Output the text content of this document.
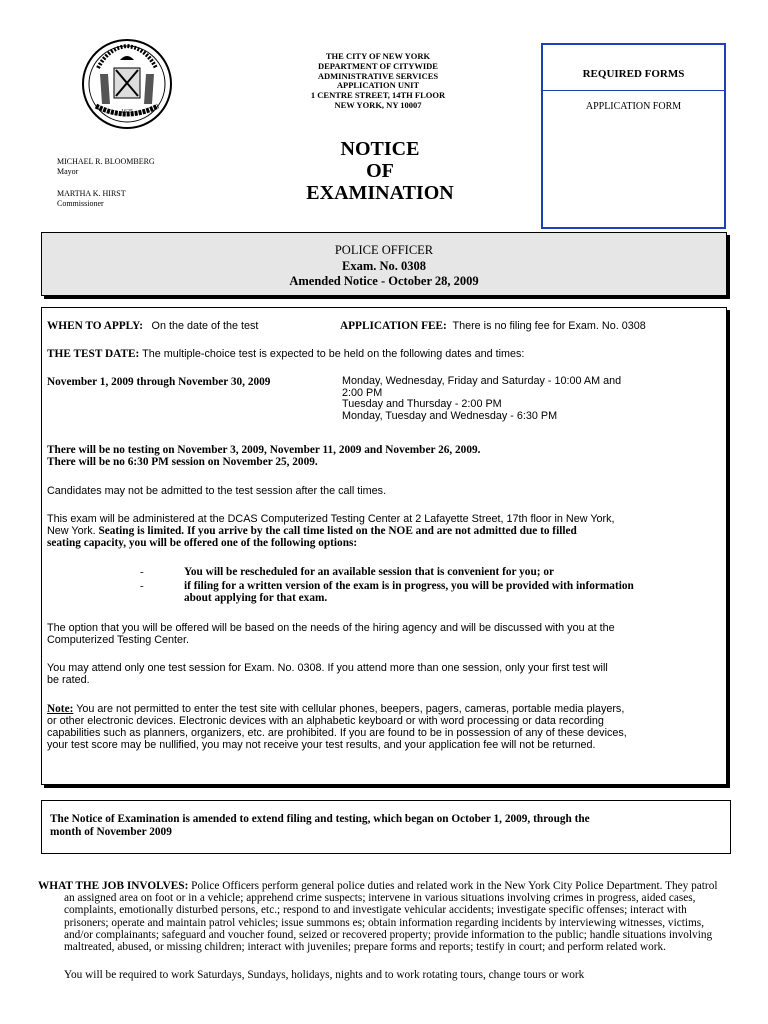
1625
MICHAEL R. BLOOMBERG
Mayor
MARTHA K. HIRST
Commissioner
THE CITY OF NEW YORK
DEPARTMENT OF CITYWIDE
ADMINISTRATIVE SERVICES
APPLICATION UNIT
1 CENTRE STREET, 14TH FLOOR
NEW YORK, NY 10007
NOTICE
OF
EXAMINATION
REQUIRED FORMS
APPLICATION FORM
POLICE OFFICER
Exam. No. 0308
Amended Notice - October 28, 2009
WHEN TO APPLY: On the date of the test	APPLICATION FEE: There is no filing fee for Exam. No. 0308
THE TEST DATE: The multiple-choice test is expected to be held on the following dates and times:
November 1, 2009 through November 30, 2009	Monday, Wednesday, Friday and Saturday - 10:00 AM and
2:00 PM
Tuesday and Thursday - 2:00 PM
Monday, Tuesday and Wednesday - 6:30 PM
There will be no testing on November 3, 2009, November 11, 2009 and November 26, 2009.
There will be no 6:30 PM session on November 25, 2009.
Candidates may not be admitted to the test session after the call times.
This exam will be administered at the DCAS Computerized Testing Center at 2 Lafayette Street, 17th floor in New York,
New York. Seating is limited. If you arrive by the call time listed on the NOE and are not admitted due to filled
seating capacity, you will be offered one of the following options:
-	You will be rescheduled for an available session that is convenient for you; or
-	if filing for a written version of the exam is in progress, you will be provided with information
about applying for that exam.
The option that you will be offered will be based on the needs of the hiring agency and will be discussed with you at the
Computerized Testing Center.
You may attend only one test session for Exam. No. 0308. If you attend more than one session, only your first test will
be rated.
Note: You are not permitted to enter the test site with cellular phones, beepers, pagers, cameras, portable media players,
or other electronic devices. Electronic devices with an alphabetic keyboard or with word processing or data recording
capabilities such as planners, organizers, etc. are prohibited. If you are found to be in possession of any of these devices,
your test score may be nullified, you may not receive your test results, and your application fee will not be returned.
The Notice of Examination is amended to extend filing and testing, which began on October 1, 2009, through the
month of November 2009
WHAT THE JOB INVOLVES: Police Officers perform general police duties and related work in the New York City Police Department. They patrol an assigned area on foot or in a vehicle; apprehend crime suspects; intervene in various situations involving crimes in progress, aided cases, complaints, emotionally disturbed persons, etc.; respond to and investigate vehicular accidents; investigate specific offenses; interact with prisoners; operate and maintain patrol vehicles; issue summons es; obtain information regarding incidents by interviewing witnesses, victims, and/or complainants; safeguard and voucher found, seized or recovered property; provide information to the public; handle situations involving maltreated, abused, or missing children; interact with juveniles; prepare forms and reports; testify in court; and perform related work.
You will be required to work Saturdays, Sundays, holidays, nights and to work rotating tours, change tours or work
